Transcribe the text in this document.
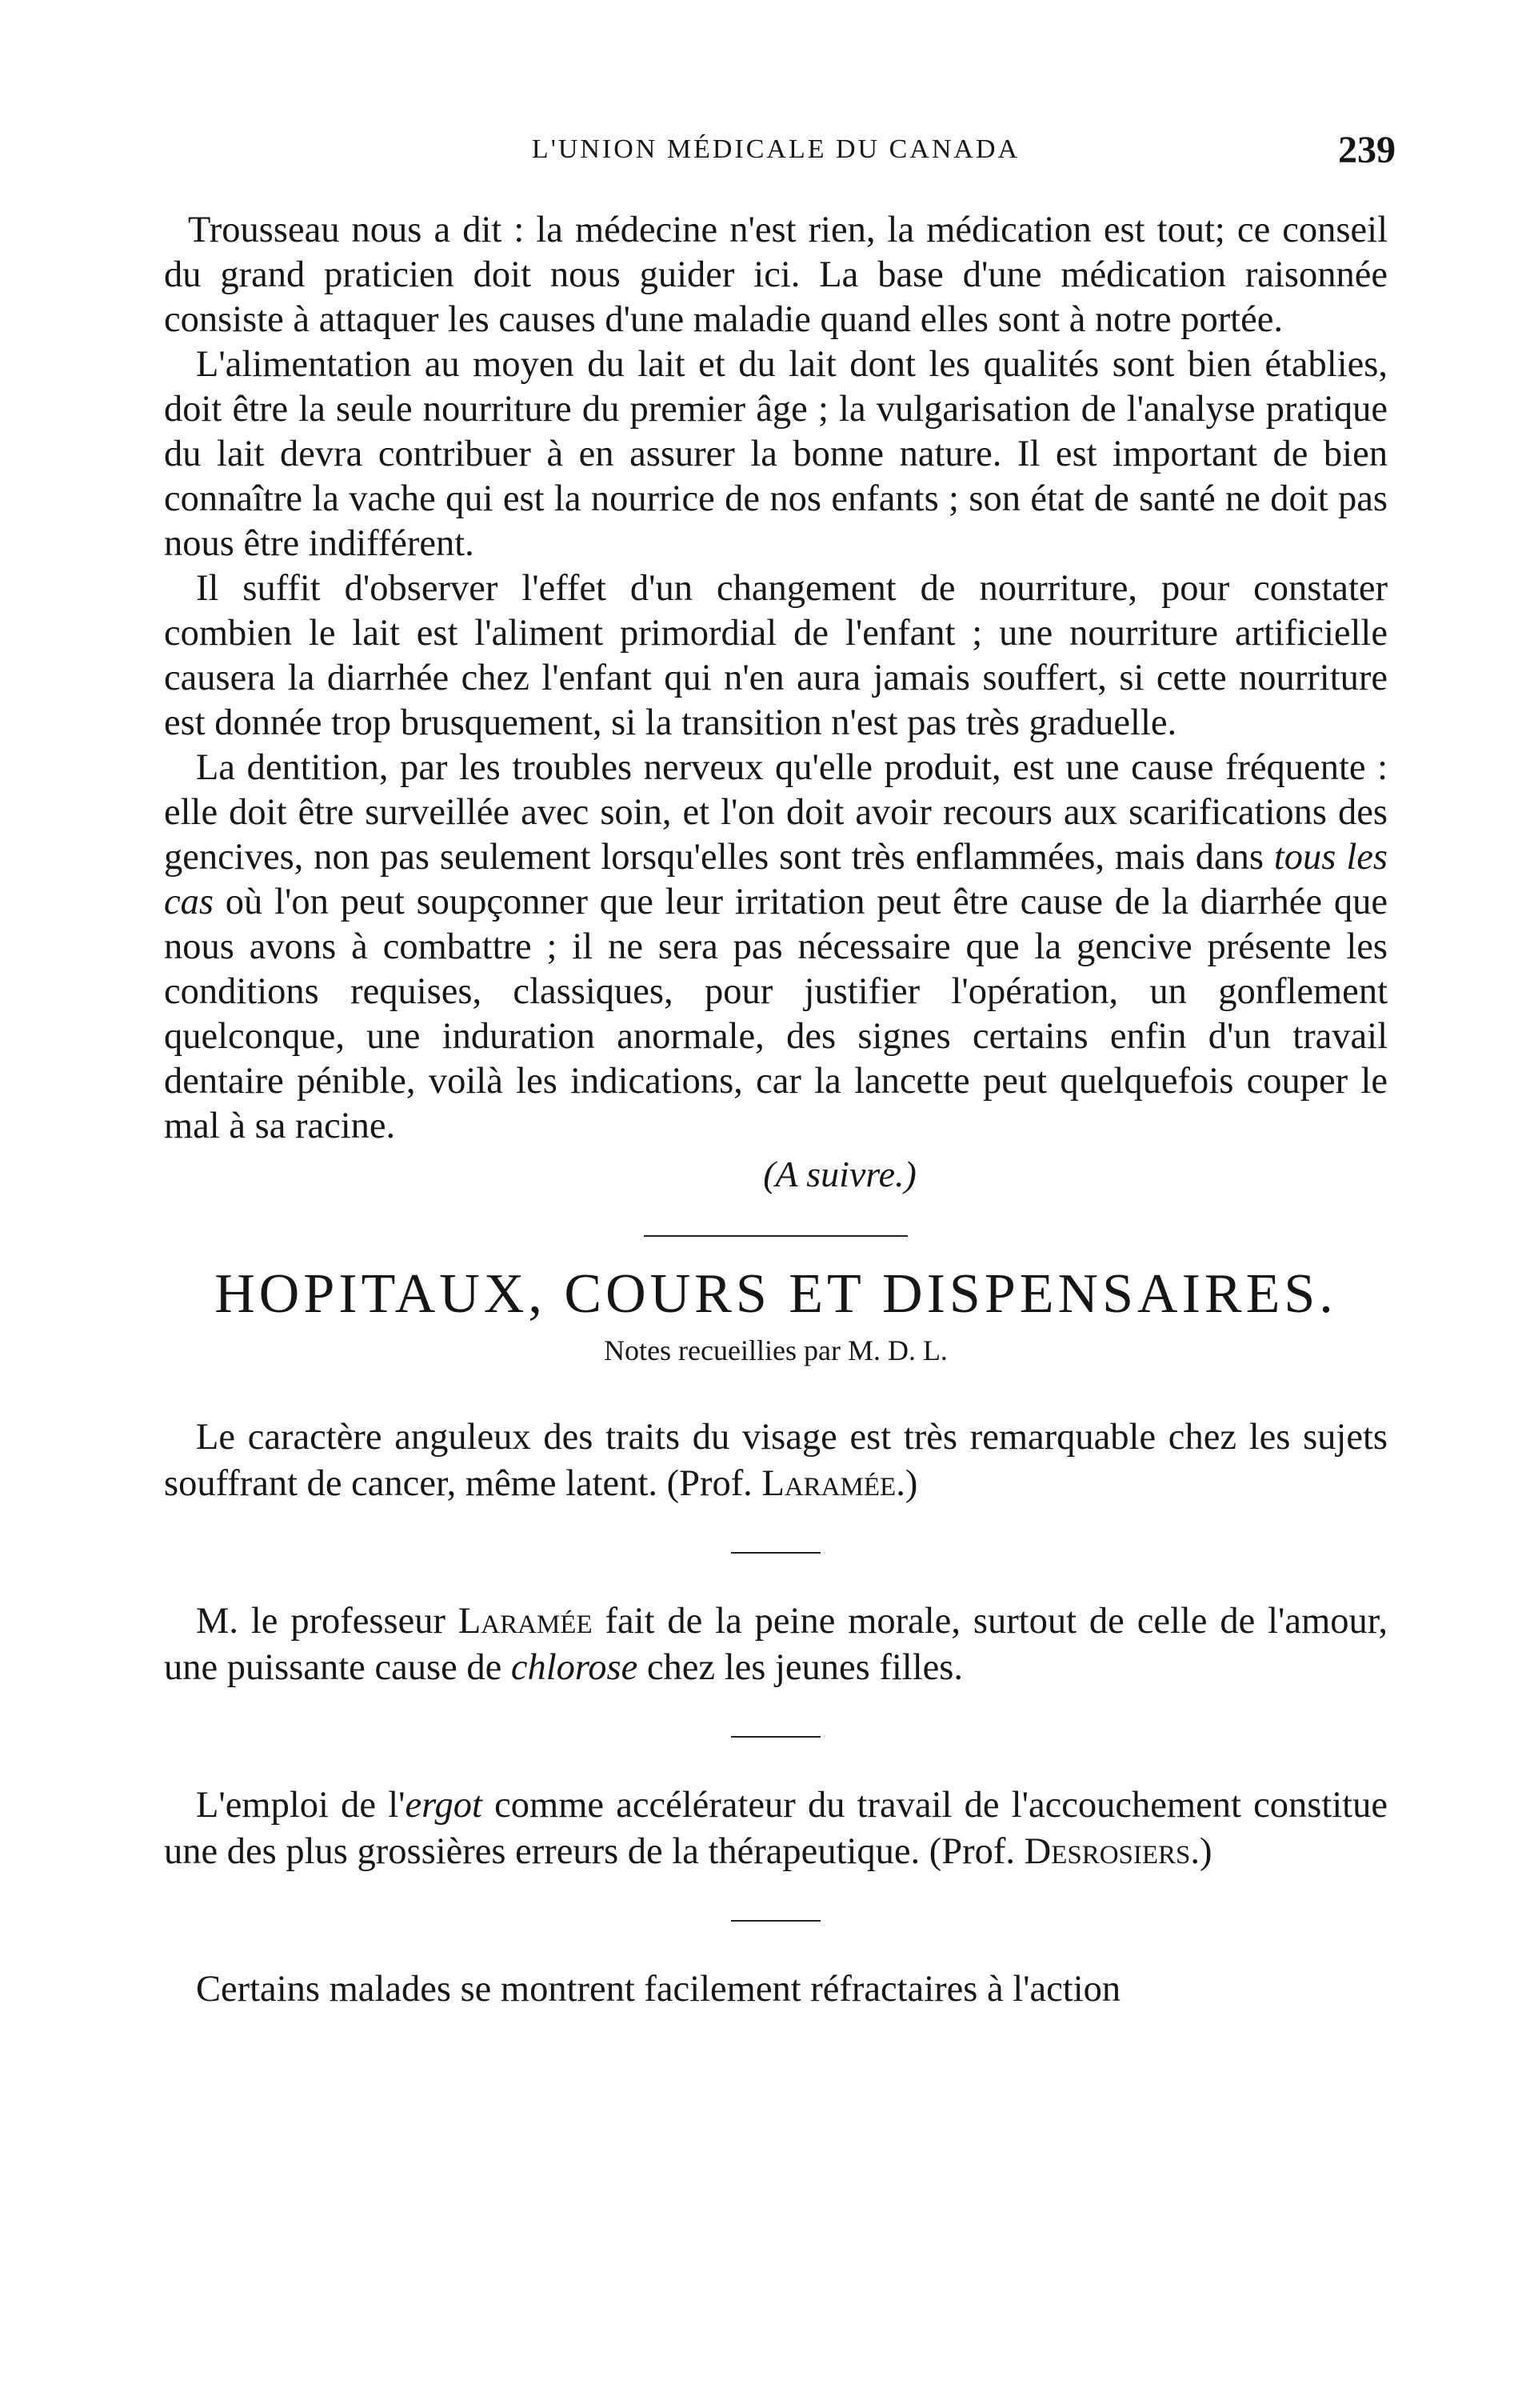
L'UNION MÉDICALE DU CANADA	239

Trousseau nous a dit : la médecine n'est rien, la médication est tout; ce conseil du grand praticien doit nous guider ici. La base d'une médication raisonnée consiste à attaquer les causes d'une maladie quand elles sont à notre portée.

L'alimentation au moyen du lait et du lait dont les qualités sont bien établies, doit être la seule nourriture du premier âge ; la vulgarisation de l'analyse pratique du lait devra contribuer à en assurer la bonne nature. Il est important de bien connaître la vache qui est la nourrice de nos enfants ; son état de santé ne doit pas nous être indifférent.

Il suffit d'observer l'effet d'un changement de nourriture, pour constater combien le lait est l'aliment primordial de l'enfant ; une nourriture artificielle causera la diarrhée chez l'enfant qui n'en aura jamais souffert, si cette nourriture est donnée trop brusquement, si la transition n'est pas très graduelle.

La dentition, par les troubles nerveux qu'elle produit, est une cause fréquente : elle doit être surveillée avec soin, et l'on doit avoir recours aux scarifications des gencives, non pas seulement lorsqu'elles sont très enflammées, mais dans tous les cas où l'on peut soupçonner que leur irritation peut être cause de la diarrhée que nous avons à combattre ; il ne sera pas nécessaire que la gencive présente les conditions requises, classiques, pour justifier l'opération, un gonflement quelconque, une induration anormale, des signes certains enfin d'un travail dentaire pénible, voilà les indications, car la lancette peut quelquefois couper le mal à sa racine.

(A suivre.)
HOPITAUX, COURS ET DISPENSAIRES.
Notes recueillies par M. D. L.

Le caractère anguleux des traits du visage est très remarquable chez les sujets souffrant de cancer, même latent. (Prof. Laramée.)

M. le professeur Laramée fait de la peine morale, surtout de celle de l'amour, une puissante cause de chlorose chez les jeunes filles.

L'emploi de l'ergot comme accélérateur du travail de l'accouchement constitue une des plus grossières erreurs de la thérapeutique. (Prof. Desrosiers.)

Certains malades se montrent facilement réfractaires à l'action
